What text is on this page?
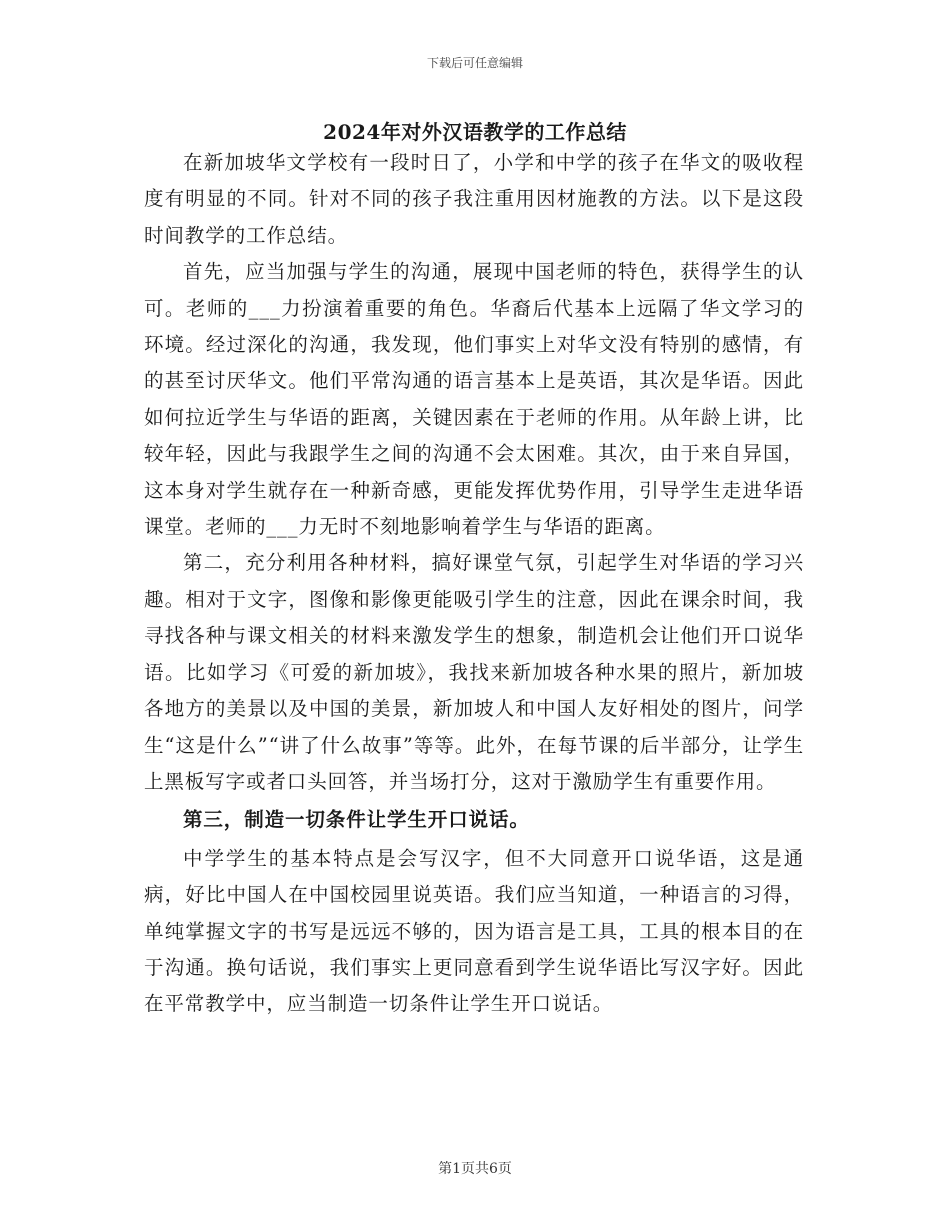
下载后可任意编辑
2024年对外汉语教学的工作总结

在新加坡华文学校有一段时日了，小学和中学的孩子在华文的吸收程度有明显的不同。针对不同的孩子我注重用因材施教的方法。以下是这段时间教学的工作总结。

首先，应当加强与学生的沟通，展现中国老师的特色，获得学生的认可。老师的___力扮演着重要的角色。华裔后代基本上远隔了华文学习的环境。经过深化的沟通，我发现，他们事实上对华文没有特别的感情，有的甚至讨厌华文。他们平常沟通的语言基本上是英语，其次是华语。因此如何拉近学生与华语的距离，关键因素在于老师的作用。从年龄上讲，比较年轻，因此与我跟学生之间的沟通不会太困难。其次，由于来自异国，这本身对学生就存在一种新奇感，更能发挥优势作用，引导学生走进华语课堂。老师的___力无时不刻地影响着学生与华语的距离。

第二，充分利用各种材料，搞好课堂气氛，引起学生对华语的学习兴趣。相对于文字，图像和影像更能吸引学生的注意，因此在课余时间，我寻找各种与课文相关的材料来激发学生的想象，制造机会让他们开口说华语。比如学习《可爱的新加坡》，我找来新加坡各种水果的照片，新加坡各地方的美景以及中国的美景，新加坡人和中国人友好相处的图片，问学生“这是什么”“讲了什么故事”等等。此外，在每节课的后半部分，让学生上黑板写字或者口头回答，并当场打分，这对于激励学生有重要作用。

第三，制造一切条件让学生开口说话。

中学学生的基本特点是会写汉字，但不大同意开口说华语，这是通病，好比中国人在中国校园里说英语。我们应当知道，一种语言的习得，单纯掌握文字的书写是远远不够的，因为语言是工具，工具的根本目的在于沟通。换句话说，我们事实上更同意看到学生说华语比写汉字好。因此在平常教学中，应当制造一切条件让学生开口说话。

第1页共6页
